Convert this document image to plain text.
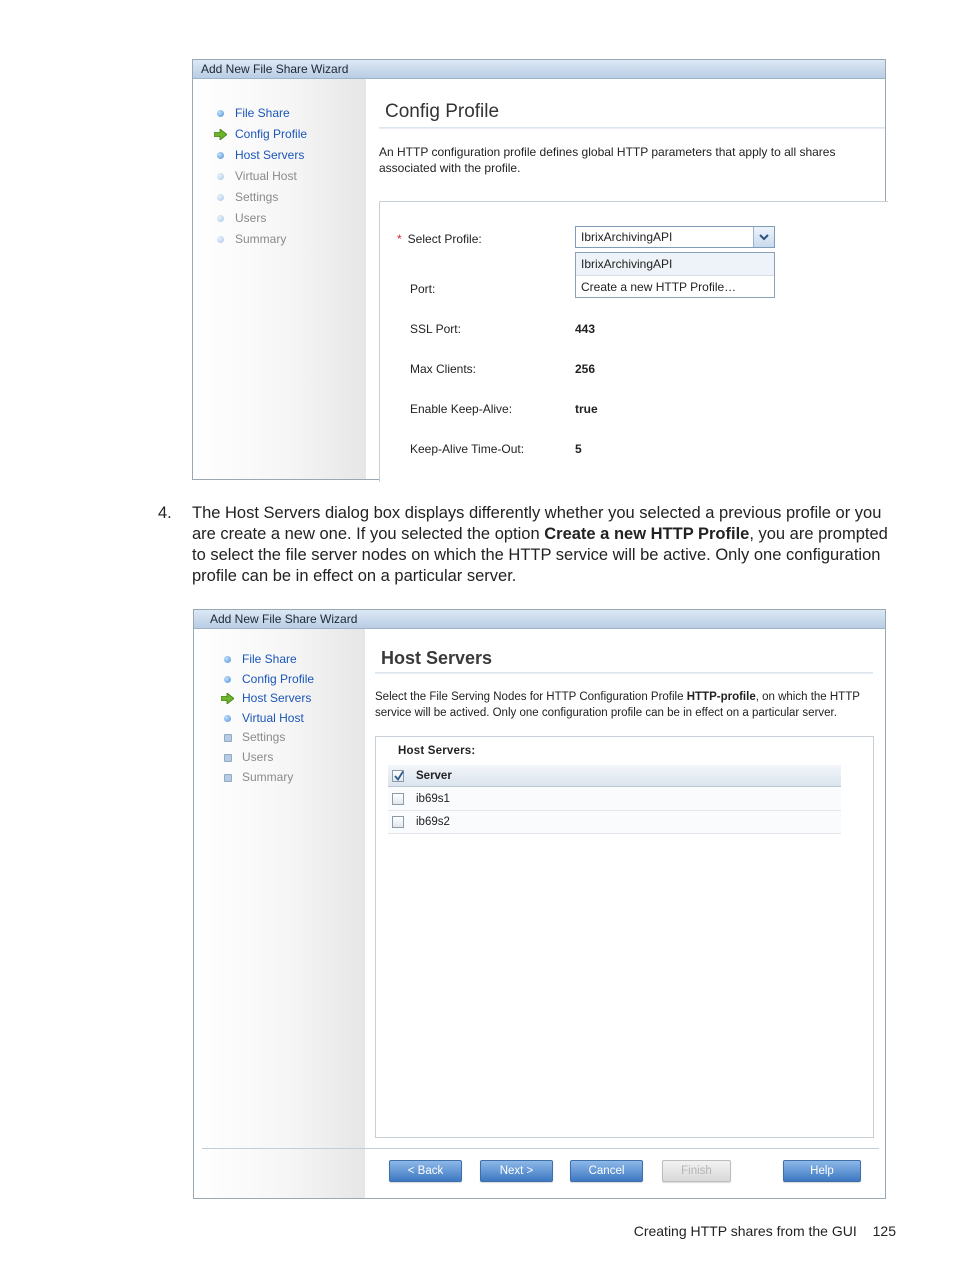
Add New File Share Wizard
File Share
Config Profile
Host Servers
Virtual Host
Settings
Users
Summary
Config Profile
An HTTP configuration profile defines global HTTP parameters that apply to all shares
associated with the profile.
* Select Profile:	IbrixArchivingAPI
IbrixArchivingAPI
Create a new HTTP Profile…
Port:
SSL Port:	443
Max Clients:	256
Enable Keep-Alive:	true
Keep-Alive Time-Out:	5
4. The Host Servers dialog box displays differently whether you selected a previous profile or you are create a new one. If you selected the option Create a new HTTP Profile, you are prompted to select the file server nodes on which the HTTP service will be active. Only one configuration profile can be in effect on a particular server.
Add New File Share Wizard
File Share
Config Profile
Host Servers
Virtual Host
Settings
Users
Summary
Host Servers
Select the File Serving Nodes for HTTP Configuration Profile HTTP-profile, on which the HTTP
service will be actived. Only one configuration profile can be in effect on a particular server.
Host Servers:
Server
ib69s1
ib69s2
< Back	Next >	Cancel	Finish	Help
Creating HTTP shares from the GUI 125
